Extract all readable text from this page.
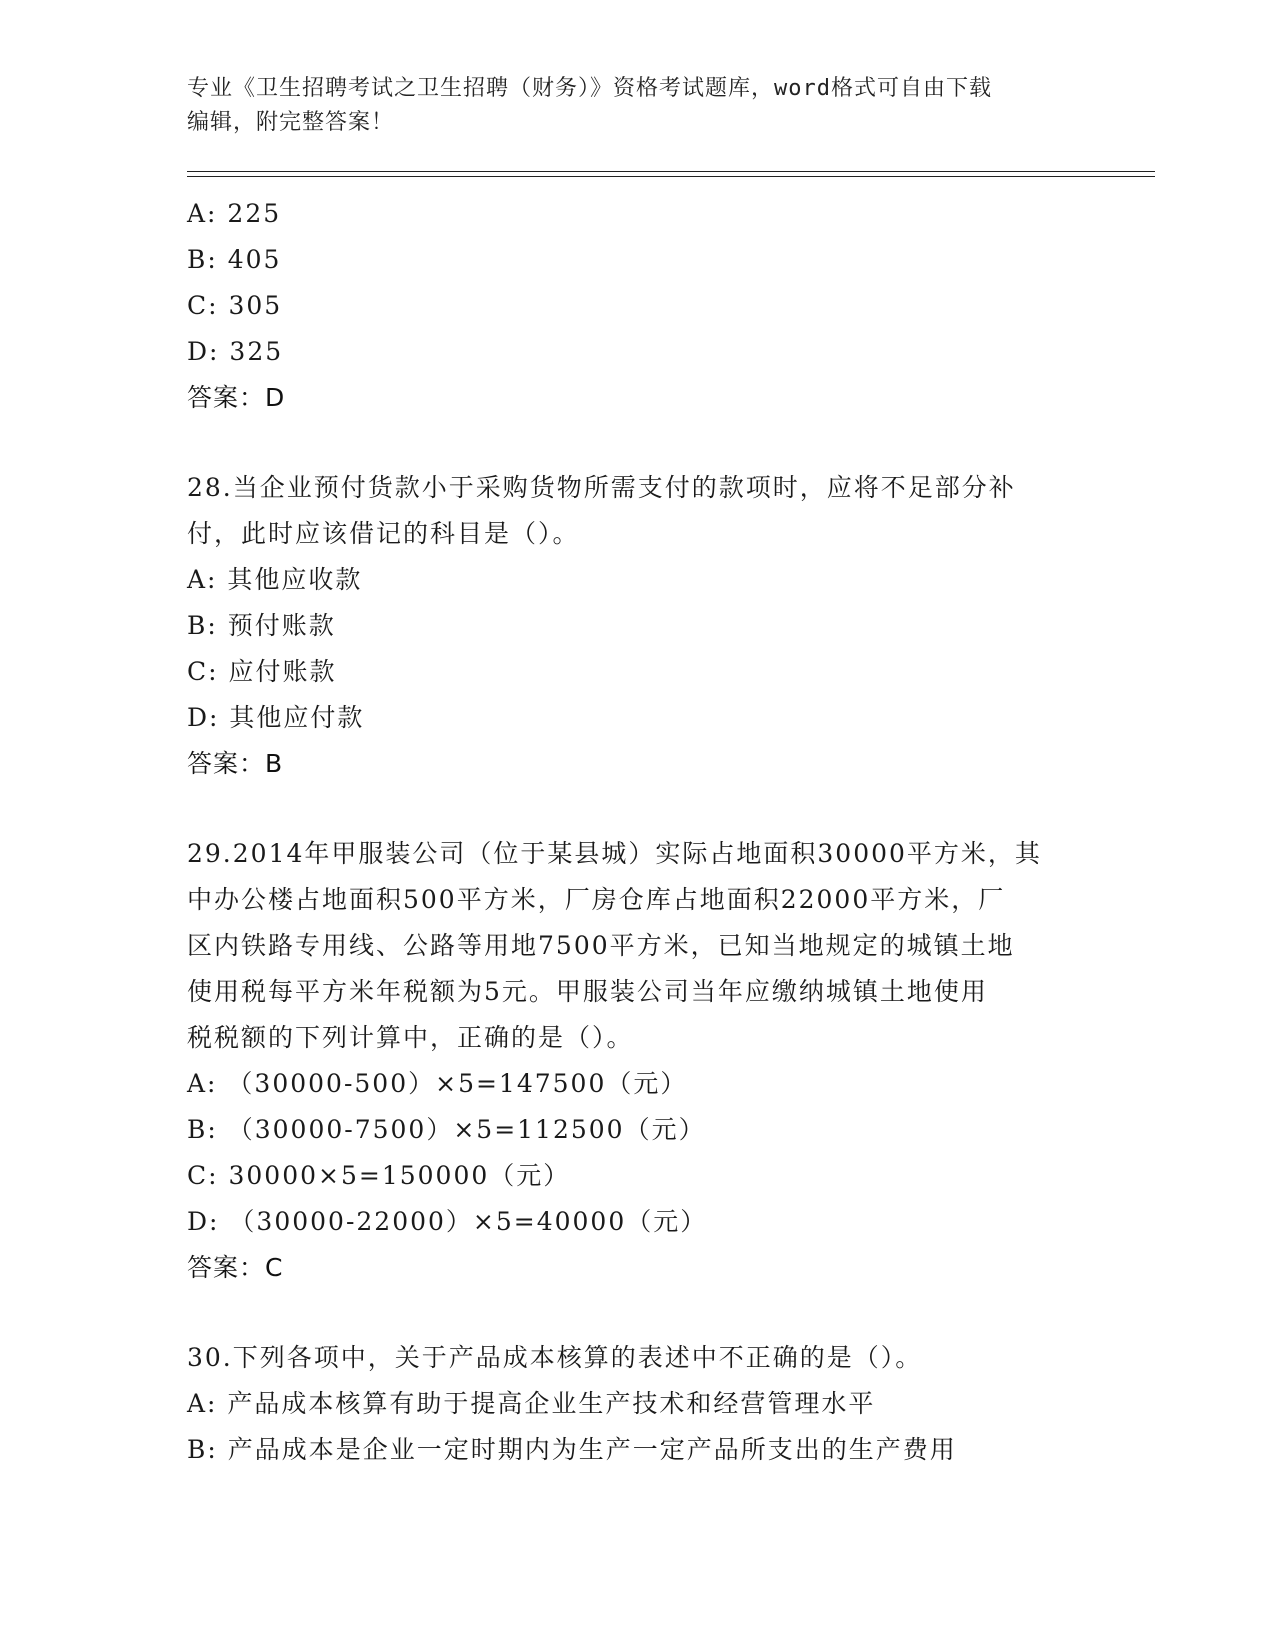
专业《卫生招聘考试之卫生招聘（财务）》资格考试题库，word格式可自由下载
编辑，附完整答案！
A: 225
B: 405
C: 305
D: 325
答案：D
28.当企业预付货款小于采购货物所需支付的款项时，应将不足部分补
付，此时应该借记的科目是（）。
A: 其他应收款
B: 预付账款
C: 应付账款
D: 其他应付款
答案：B
29.2014年甲服装公司（位于某县城）实际占地面积30000平方米，其
中办公楼占地面积500平方米，厂房仓库占地面积22000平方米，厂
区内铁路专用线、公路等用地7500平方米，已知当地规定的城镇土地
使用税每平方米年税额为5元。甲服装公司当年应缴纳城镇土地使用
税税额的下列计算中，正确的是（）。
A: （30000-500）×5=147500（元）
B: （30000-7500）×5=112500（元）
C: 30000×5=150000（元）
D: （30000-22000）×5=40000（元）
答案：C
30.下列各项中，关于产品成本核算的表述中不正确的是（）。
A: 产品成本核算有助于提高企业生产技术和经营管理水平
B: 产品成本是企业一定时期内为生产一定产品所支出的生产费用
